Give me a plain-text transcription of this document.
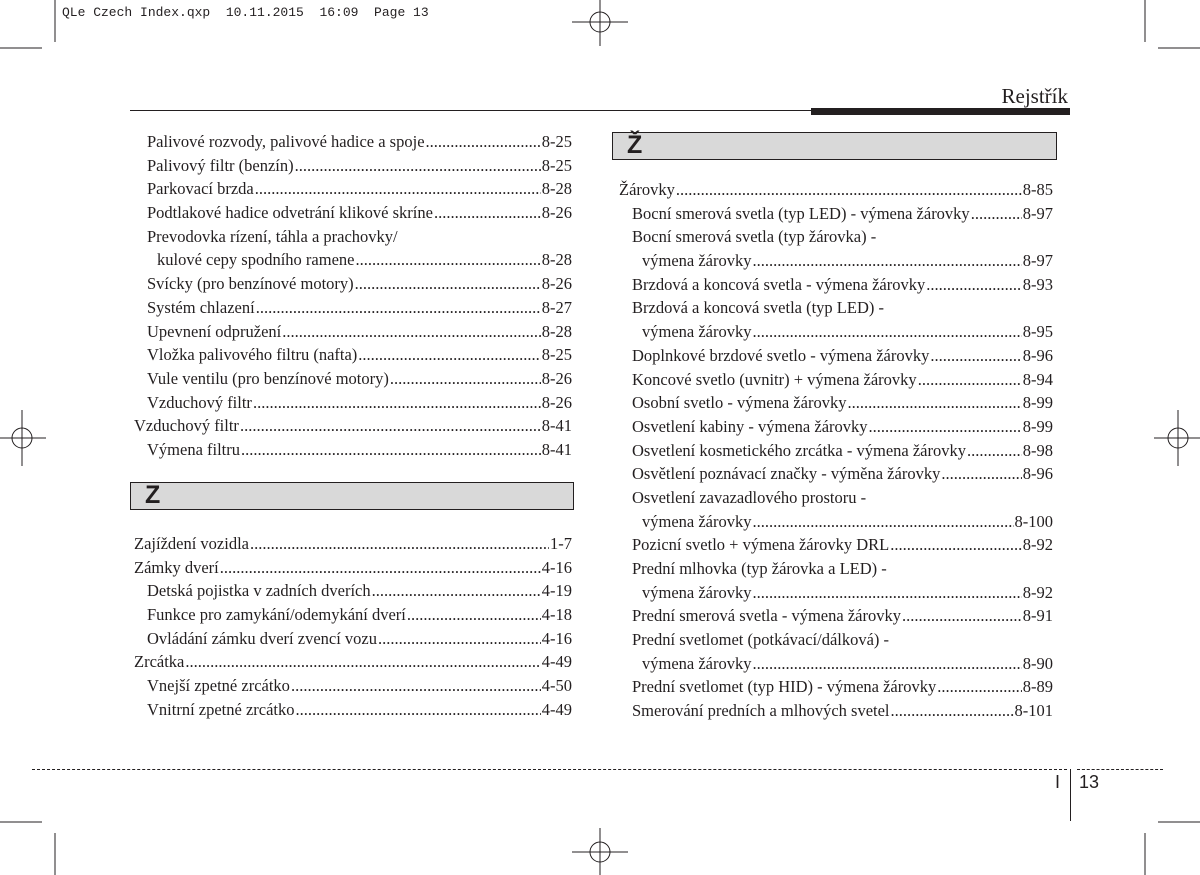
QLe Czech Index.qxp  10.11.2015  16:09  Page 13
Rejstřík
Palivové rozvody, palivové hadice a spoje .....	8-25
Palivový filtr (benzín) .....	8-25
Parkovací brzda .....	8-28
Podtlakové hadice odvetrání klikové skríne .....	8-26
Prevodovka rízení, táhla a prachovky/
kulové cepy spodního ramene .....	8-28
Svícky (pro benzínové motory) .....	8-26
Systém chlazení .....	8-27
Upevnení odpružení .....	8-28
Vložka palivového filtru (nafta) .....	8-25
Vule ventilu (pro benzínové motory) .....	8-26
Vzduchový filtr .....	8-26
Vzduchový filtr .....	8-41
Výmena filtru .....	8-41
Z
Zajíždení vozidla .....	1-7
Zámky dverí .....	4-16
Detská pojistka v zadních dverích .....	4-19
Funkce pro zamykání/odemykání dverí .....	4-18
Ovládání zámku dverí zvencí vozu .....	4-16
Zrcátka .....	4-49
Vnejší zpetné zrcátko .....	4-50
Vnitrní zpetné zrcátko .....	4-49
Ž
Žárovky .....	8-85
Bocní smerová svetla (typ LED) - výmena žárovky .....	8-97
Bocní smerová svetla (typ žárovka) -
výmena žárovky .....	8-97
Brzdová a koncová svetla - výmena žárovky .....	8-93
Brzdová a koncová svetla (typ LED) -
výmena žárovky .....	8-95
Doplnkové brzdové svetlo - výmena žárovky .....	8-96
Koncové svetlo (uvnitr) + výmena žárovky .....	8-94
Osobní svetlo - výmena žárovky .....	8-99
Osvetlení kabiny - výmena žárovky .....	8-99
Osvetlení kosmetického zrcátka - výmena žárovky .....	8-98
Osvětlení poznávací značky - výměna žárovky .....	8-96
Osvetlení zavazadlového prostoru -
výmena žárovky .....	8-100
Pozicní svetlo + výmena žárovky DRL .....	8-92
Prední mlhovka (typ žárovka a LED) -
výmena žárovky .....	8-92
Prední smerová svetla - výmena žárovky .....	8-91
Prední svetlomet (potkávací/dálková) -
výmena žárovky .....	8-90
Prední svetlomet (typ HID) - výmena žárovky .....	8-89
Smerování predních a mlhových svetel .....	8-101
I 13
